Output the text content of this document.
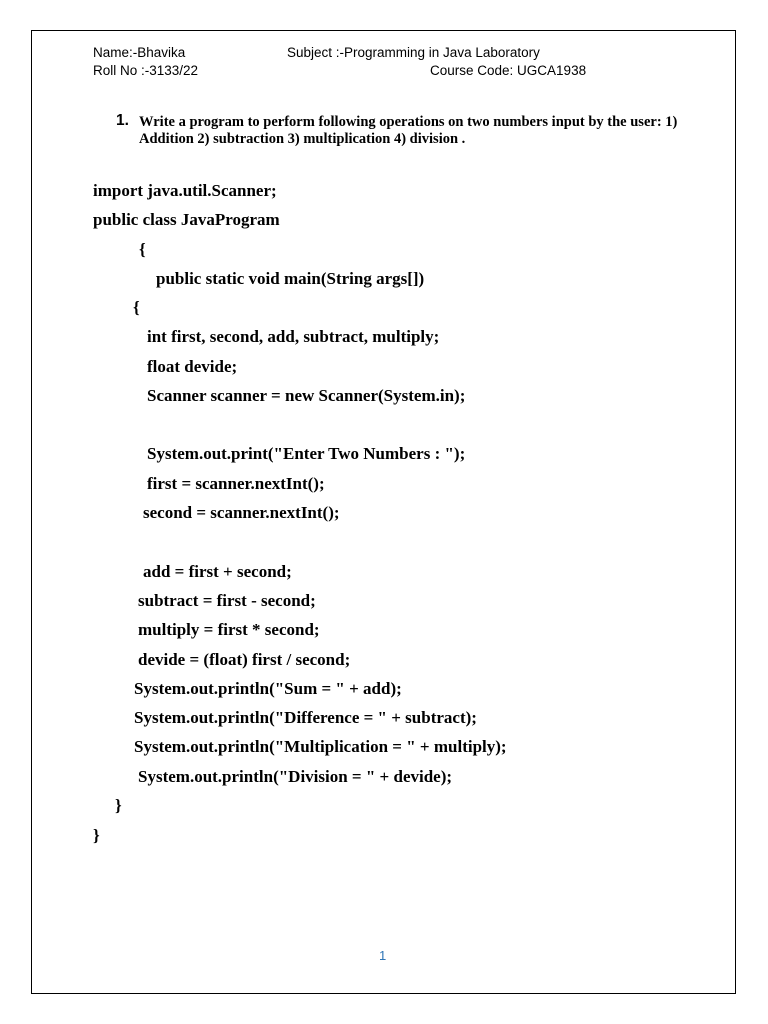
Name:-Bhavika	Subject :-Programming in Java Laboratory
Roll No :-3133/22	Course Code: UGCA1938
1. Write a program to perform following operations on two numbers input by the user: 1) Addition 2) subtraction 3) multiplication 4) division .
import java.util.Scanner;
public class JavaProgram
{
public static void main(String args[])
{
int first, second, add, subtract, multiply;
float devide;
Scanner scanner = new Scanner(System.in);
System.out.print("Enter Two Numbers : ");
first = scanner.nextInt();
second = scanner.nextInt();
add = first + second;
subtract = first - second;
multiply = first * second;
devide = (float) first / second;
System.out.println("Sum = " + add);
System.out.println("Difference = " + subtract);
System.out.println("Multiplication = " + multiply);
System.out.println("Division = " + devide);
}
}
1
